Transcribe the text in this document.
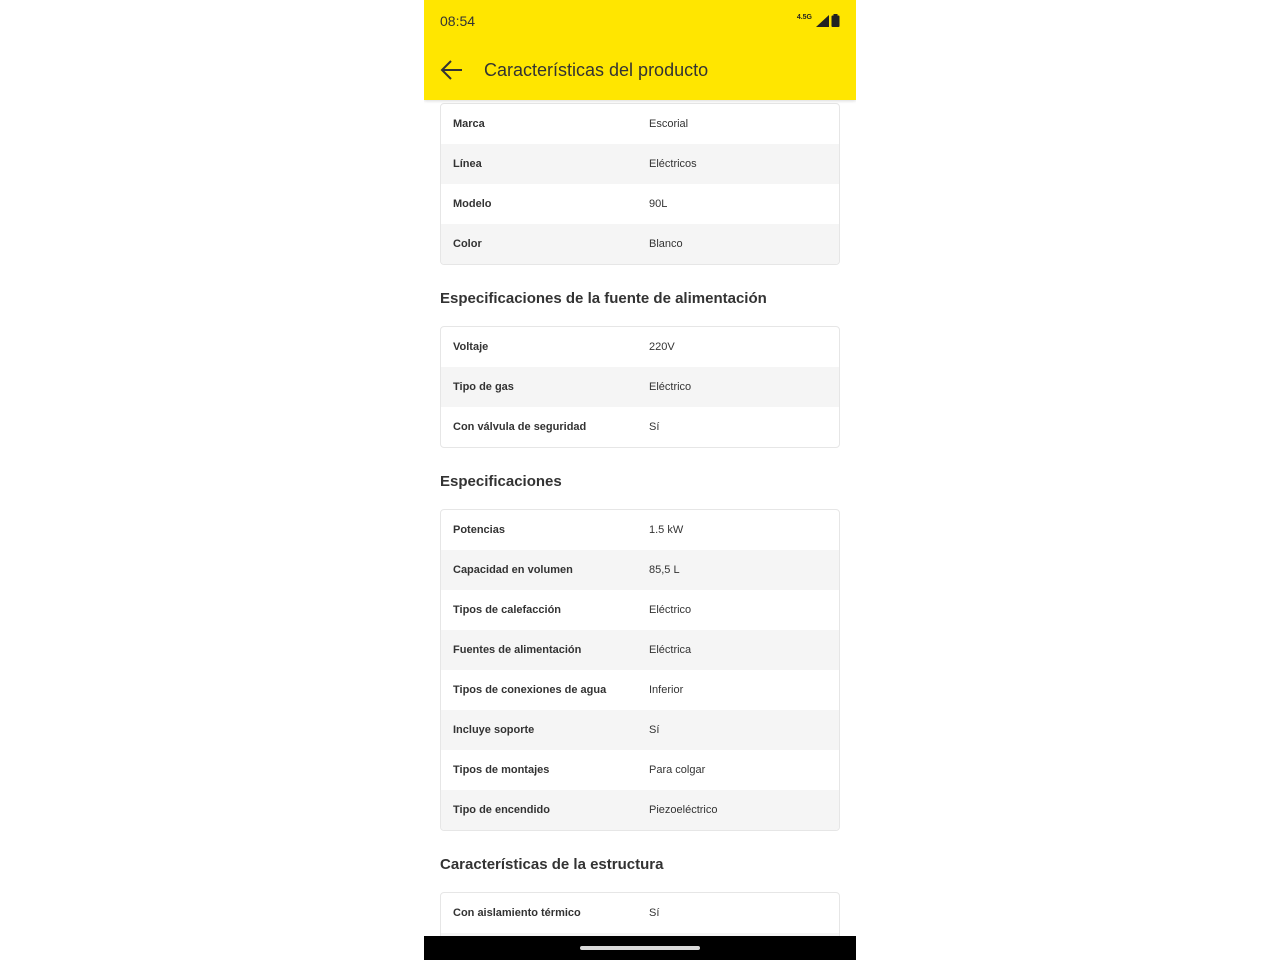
08:54	4.5G
Características del producto
Marca	Escorial
Línea	Eléctricos
Modelo	90L
Color	Blanco
Especificaciones de la fuente de alimentación
Voltaje	220V
Tipo de gas	Eléctrico
Con válvula de seguridad	Sí
Especificaciones
Potencias	1.5 kW
Capacidad en volumen	85,5 L
Tipos de calefacción	Eléctrico
Fuentes de alimentación	Eléctrica
Tipos de conexiones de agua	Inferior
Incluye soporte	Sí
Tipos de montajes	Para colgar
Tipo de encendido	Piezoeléctrico
Características de la estructura
Con aislamiento térmico	Sí
